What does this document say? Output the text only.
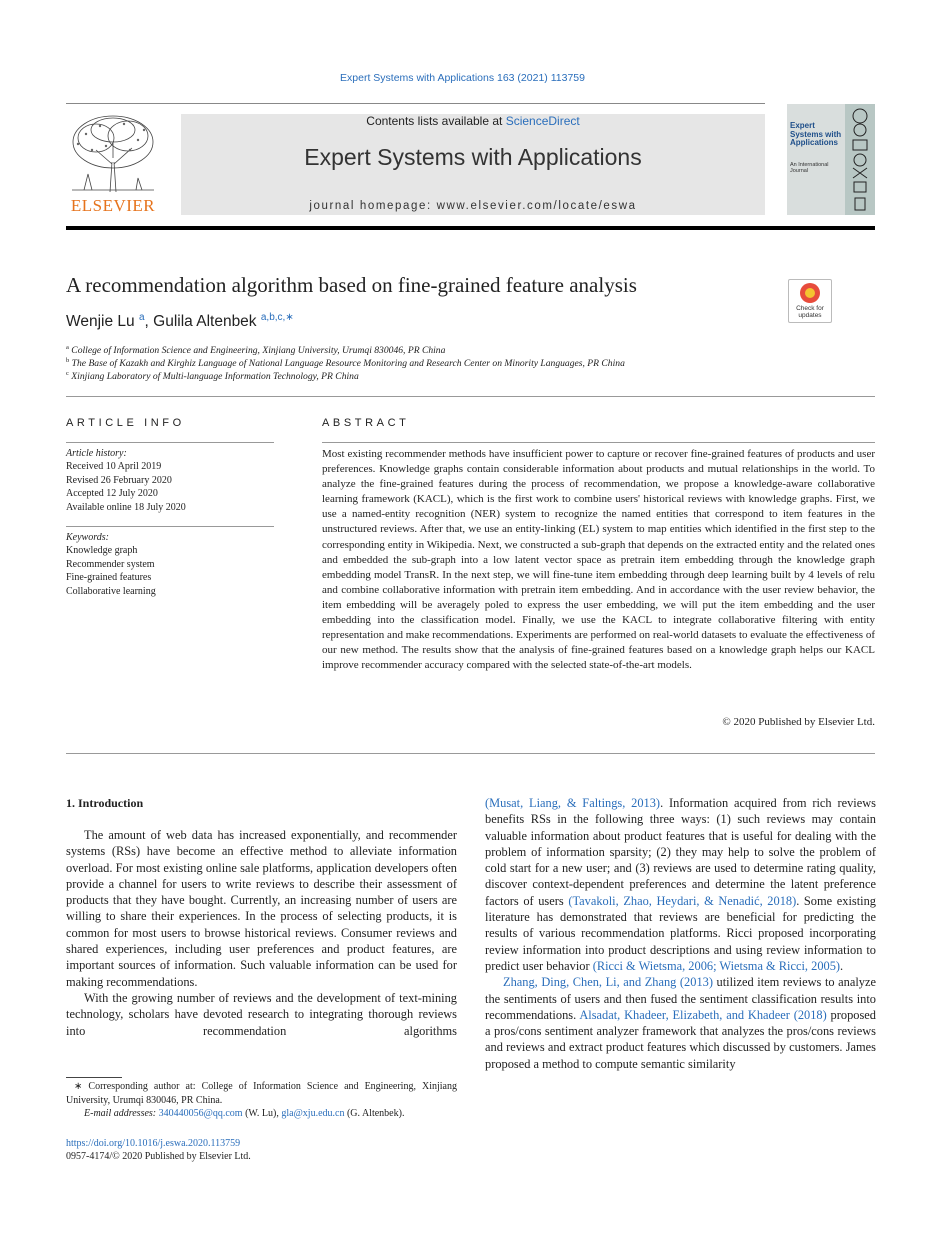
Expert Systems with Applications 163 (2021) 113759
ELSEVIER
Contents lists available at ScienceDirect
Expert Systems with Applications
journal homepage: www.elsevier.com/locate/eswa
Expert Systems with Applications
An International Journal
A recommendation algorithm based on fine-grained feature analysis
Check for updates
Wenjie Lu $^a$, Gulila Altenbek $^{a,b,c,∗}$
$^a$ College of Information Science and Engineering, Xinjiang University, Urumqi 830046, PR China
$^b$ The Base of Kazakh and Kirghiz Language of National Language Resource Monitoring and Research Center on Minority Languages, PR China
$^c$ Xinjiang Laboratory of Multi-language Information Technology, PR China
ARTICLE INFO
Article history:
Received 10 April 2019
Revised 26 February 2020
Accepted 12 July 2020
Available online 18 July 2020
Keywords:
Knowledge graph
Recommender system
Fine-grained features
Collaborative learning
ABSTRACT
Most existing recommender methods have insufficient power to capture or recover fine-grained features of products and user preferences. Knowledge graphs contain considerable information about products and mutual relationships in the world. To analyze the fine-grained features during the process of recommendation, we propose a knowledge-aware collaborative learning framework (KACL), which is the first work to combine users' historical reviews with knowledge graphs. First, we use a named-entity recognition (NER) system to recognize the named entities that correspond to item features in the unstructured reviews. After that, we use an entity-linking (EL) system to map entities which identified in the first step to the corresponding entity in Wikipedia. Next, we constructed a sub-graph that depends on the extracted entity and the related ones and embedded the sub-graph into a low latent vector space as pretrain item embedding through the knowledge graph embedding model TransR. In the next step, we will fine-tune item embedding through deep learning built by 4 levels of relu and combine collaborative information with pretrain item embedding. And in accordance with the user review behavior, the item embedding will be averagely poled to express the user embedding, we will put the item embedding and the user embedding into the classification model. Finally, we use the KACL to integrate collaborative filtering with entity representation and make recommendations. Experiments are performed on real-world datasets to evaluate the effectiveness of our new method. The results show that the analysis of fine-grained features based on a knowledge graph helps our KACL improve recommender accuracy compared with the selected state-of-the-art models.
© 2020 Published by Elsevier Ltd.
1. Introduction

The amount of web data has increased exponentially, and recommender systems (RSs) have become an effective method to alleviate information overload. For most existing online sale platforms, application developers often provide a channel for users to write reviews to describe their assessment of products that they have bought. Currently, an increasing number of users are willing to share their experiences. In the process of selecting products, it is common for most users to browse historical reviews. Consumer reviews and shared experiences, including user preferences and product features, are important sources of information. Such valuable information can be used for making recommendations.

With the growing number of reviews and the development of text-mining technology, scholars have devoted research to integrating thorough reviews into recommendation algorithms

∗ Corresponding author at: College of Information Science and Engineering, Xinjiang University, Urumqi 830046, PR China.
E-mail addresses: 340440056@qq.com (W. Lu), gla@xju.edu.cn (G. Altenbek).

(Musat, Liang, & Faltings, 2013). Information acquired from rich reviews benefits RSs in the following three ways: (1) such reviews may contain valuable information about product features that is useful for dealing with the problem of information sparsity; (2) they may help to solve the problem of cold start for a new user; and (3) reviews are used to determine rating quality, discover context-dependent preferences and determine the latent preference factors of users (Tavakoli, Zhao, Heydari, & Nenadić, 2018). Some existing literature has demonstrated that reviews are beneficial for predicting the results of various recommendation platforms. Ricci proposed incorporating review information into product descriptions and using review information to predict user behavior (Ricci & Wietsma, 2006; Wietsma & Ricci, 2005).

Zhang, Ding, Chen, Li, and Zhang (2013) utilized item reviews to analyze the sentiments of users and then fused the sentiment classification results into recommendations. Alsadat, Khadeer, Elizabeth, and Khadeer (2018) proposed a pros/cons sentiment analyzer framework that analyzes the pros/cons reviews and reviews and extract product features which discussed by customers. James proposed a method to compute semantic similarity

https://doi.org/10.1016/j.eswa.2020.113759
0957-4174/© 2020 Published by Elsevier Ltd.
